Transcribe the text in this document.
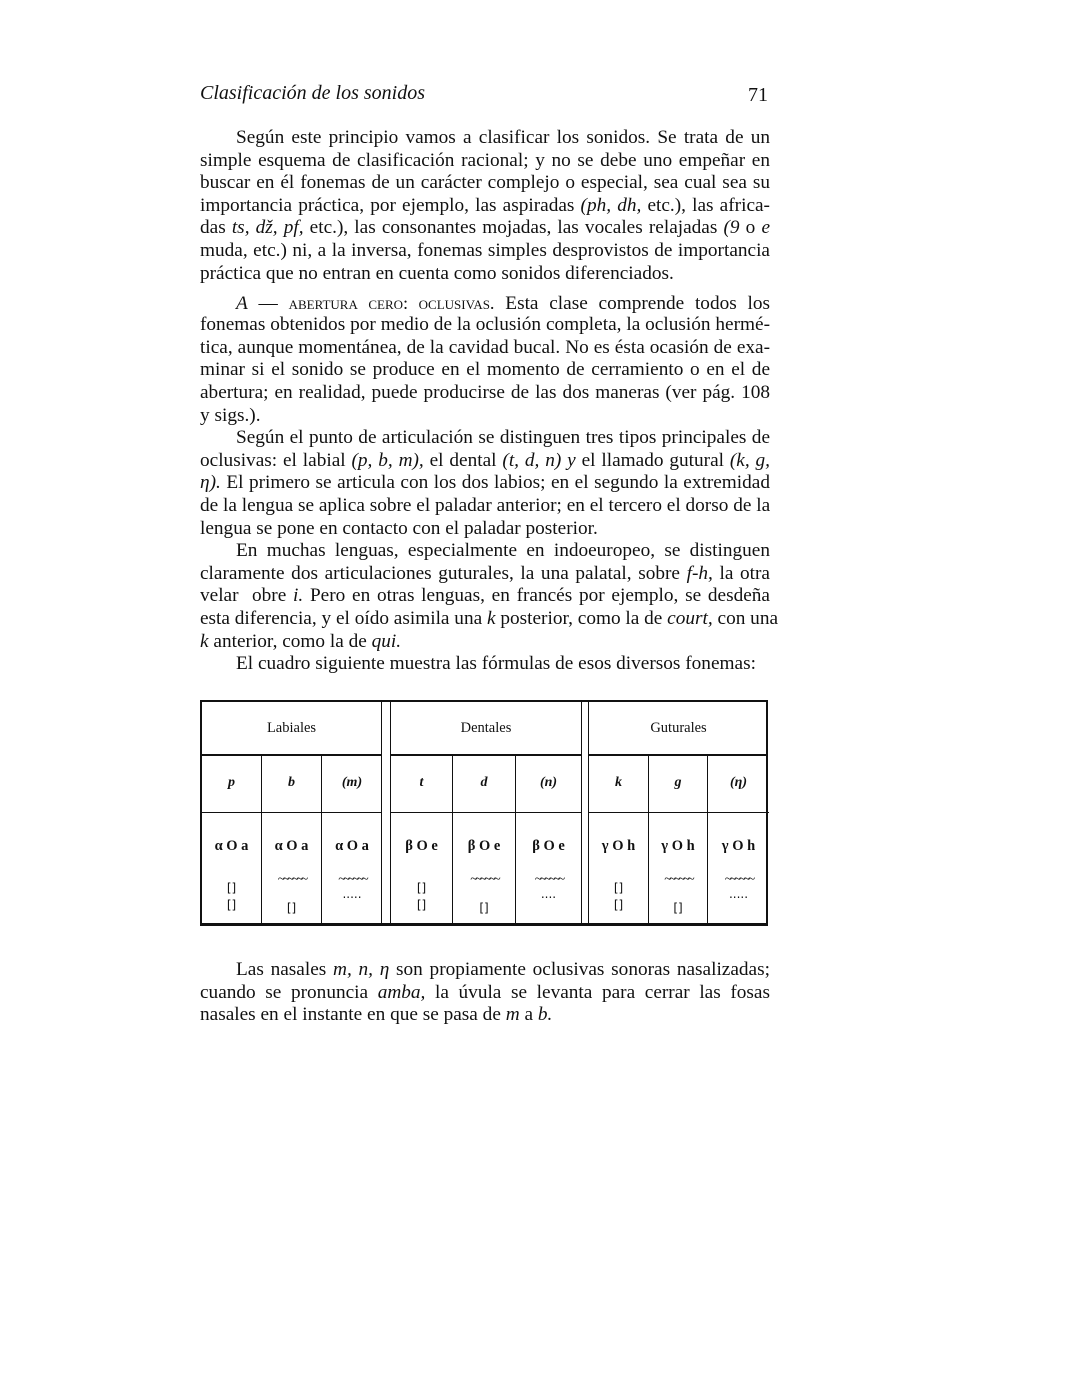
Clasificación de los sonidos	71
Según este principio vamos a clasificar los sonidos. Se trata de un
simple esquema de clasificación racional; y no se debe uno empeñar en
buscar en él fonemas de un carácter complejo o especial, sea cual sea su
importancia práctica, por ejemplo, las aspiradas (ph, dh, etc.), las africa-
das ts, dž, pf, etc.), las consonantes mojadas, las vocales relajadas (9 o e
muda, etc.) ni, a la inversa, fonemas simples desprovistos de importancia
práctica que no entran en cuenta como sonidos diferenciados.
A — abertura cero: oclusivas. Esta clase comprende todos los
fonemas obtenidos por medio de la oclusión completa, la oclusión hermé-
tica, aunque momentánea, de la cavidad bucal. No es ésta ocasión de exa-
minar si el sonido se produce en el momento de cerramiento o en el de
abertura; en realidad, puede producirse de las dos maneras (ver pág. 108
y sigs.).
Según el punto de articulación se distinguen tres tipos principales de
oclusivas: el labial (p, b, m), el dental (t, d, n) y el llamado gutural (k, g,
η). El primero se articula con los dos labios; en el segundo la extremidad
de la lengua se aplica sobre el paladar anterior; en el tercero el dorso de la
lengua se pone en contacto con el paladar posterior.
En muchas lenguas, especialmente en indoeuropeo, se distinguen
claramente dos articulaciones guturales, la una palatal, sobre f-h, la otra
velar  obre i. Pero en otras lenguas, en francés por ejemplo, se desdeña
esta diferencia, y el oído asimila una k posterior, como la de court, con una
k anterior, como la de qui.
El cuadro siguiente muestra las fórmulas de esos diversos fonemas:
Labiales
p
α O a
[]
[]
b
α O a
~~~~~~
[]
(m)
α O a
~~~~~~
.....
Dentales
t
β O e
[]
[]
d
β O e
~~~~~~
[]
(n)
β O e
~~~~~~
....
Guturales
k
γ O h
[]
[]
g
γ O h
~~~~~~
[]
(η)
γ O h
~~~~~~
.....
Las nasales m, n, η son propiamente oclusivas sonoras nasalizadas;
cuando se pronuncia amba, la úvula se levanta para cerrar las fosas
nasales en el instante en que se pasa de m a b.
